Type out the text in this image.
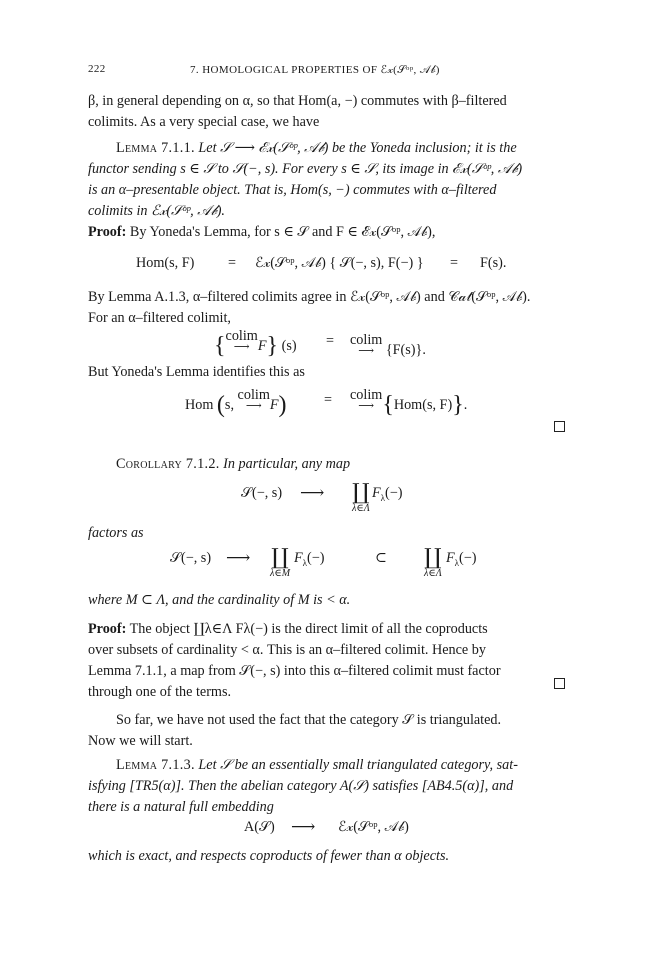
222	7. HOMOLOGICAL PROPERTIES OF ℰ𝓍(𝒮ᵒᵖ, 𝒜𝒷)
β, in general depending on α, so that Hom(a, −) commutes with β–filtered
colimits. As a very special case, we have
Lemma 7.1.1. Let 𝒮 ⟶ ℰ𝓍(𝒮ᵒᵖ, 𝒜𝒷) be the Yoneda inclusion; it is the
functor sending s ∈ 𝒮 to 𝒮(−, s). For every s ∈ 𝒮, its image in ℰ𝓍(𝒮ᵒᵖ, 𝒜𝒷)
is an α–presentable object. That is, Hom(s, −) commutes with α–filtered
colimits in ℰ𝓍(𝒮ᵒᵖ, 𝒜𝒷).
Proof: By Yoneda's Lemma, for s ∈ 𝒮 and F ∈ ℰ𝓍(𝒮ᵒᵖ, 𝒜𝒷),
Hom(s, F) = ℰ𝓍(𝒮ᵒᵖ, 𝒜𝒷) { 𝒮(−, s), F(−) } = F(s).
By Lemma A.1.3, α–filtered colimits agree in ℰ𝓍(𝒮ᵒᵖ, 𝒜𝒷) and 𝒞𝒶𝓉(𝒮ᵒᵖ, 𝒜𝒷).
For an α–filtered colimit,
{colim
⟶ F} (s) = colim
⟶ {F(s)}.
But Yoneda's Lemma identifies this as
Hom (s, colim
⟶ F)	= colim
⟶ {Hom(s, F)}.
Corollary 7.1.2. In particular, any map
𝒮(−, s) ⟶ ∐
λ∈Λ
$F_\lambda(-)$
factors as
𝒮(−, s) ⟶ ∐
λ∈M
$F_\lambda(-)$	⊂ ∐
λ∈Λ
$F_\lambda(-)$
where M ⊂ Λ, and the cardinality of M is < α.
Proof: The object ∐λ∈Λ Fλ(−) is the direct limit of all the coproducts
over subsets of cardinality < α. This is an α–filtered colimit. Hence by
Lemma 7.1.1, a map from 𝒮(−, s) into this α–filtered colimit must factor
through one of the terms.
So far, we have not used the fact that the category 𝒮 is triangulated.
Now we will start.
Lemma 7.1.3. Let 𝒮 be an essentially small triangulated category, sat-
isfying [TR5(α)]. Then the abelian category A(𝒮) satisfies [AB4.5(α)], and
there is a natural full embedding
A(𝒮) ⟶ ℰ𝓍(𝒮ᵒᵖ, 𝒜𝒷)
which is exact, and respects coproducts of fewer than α objects.
